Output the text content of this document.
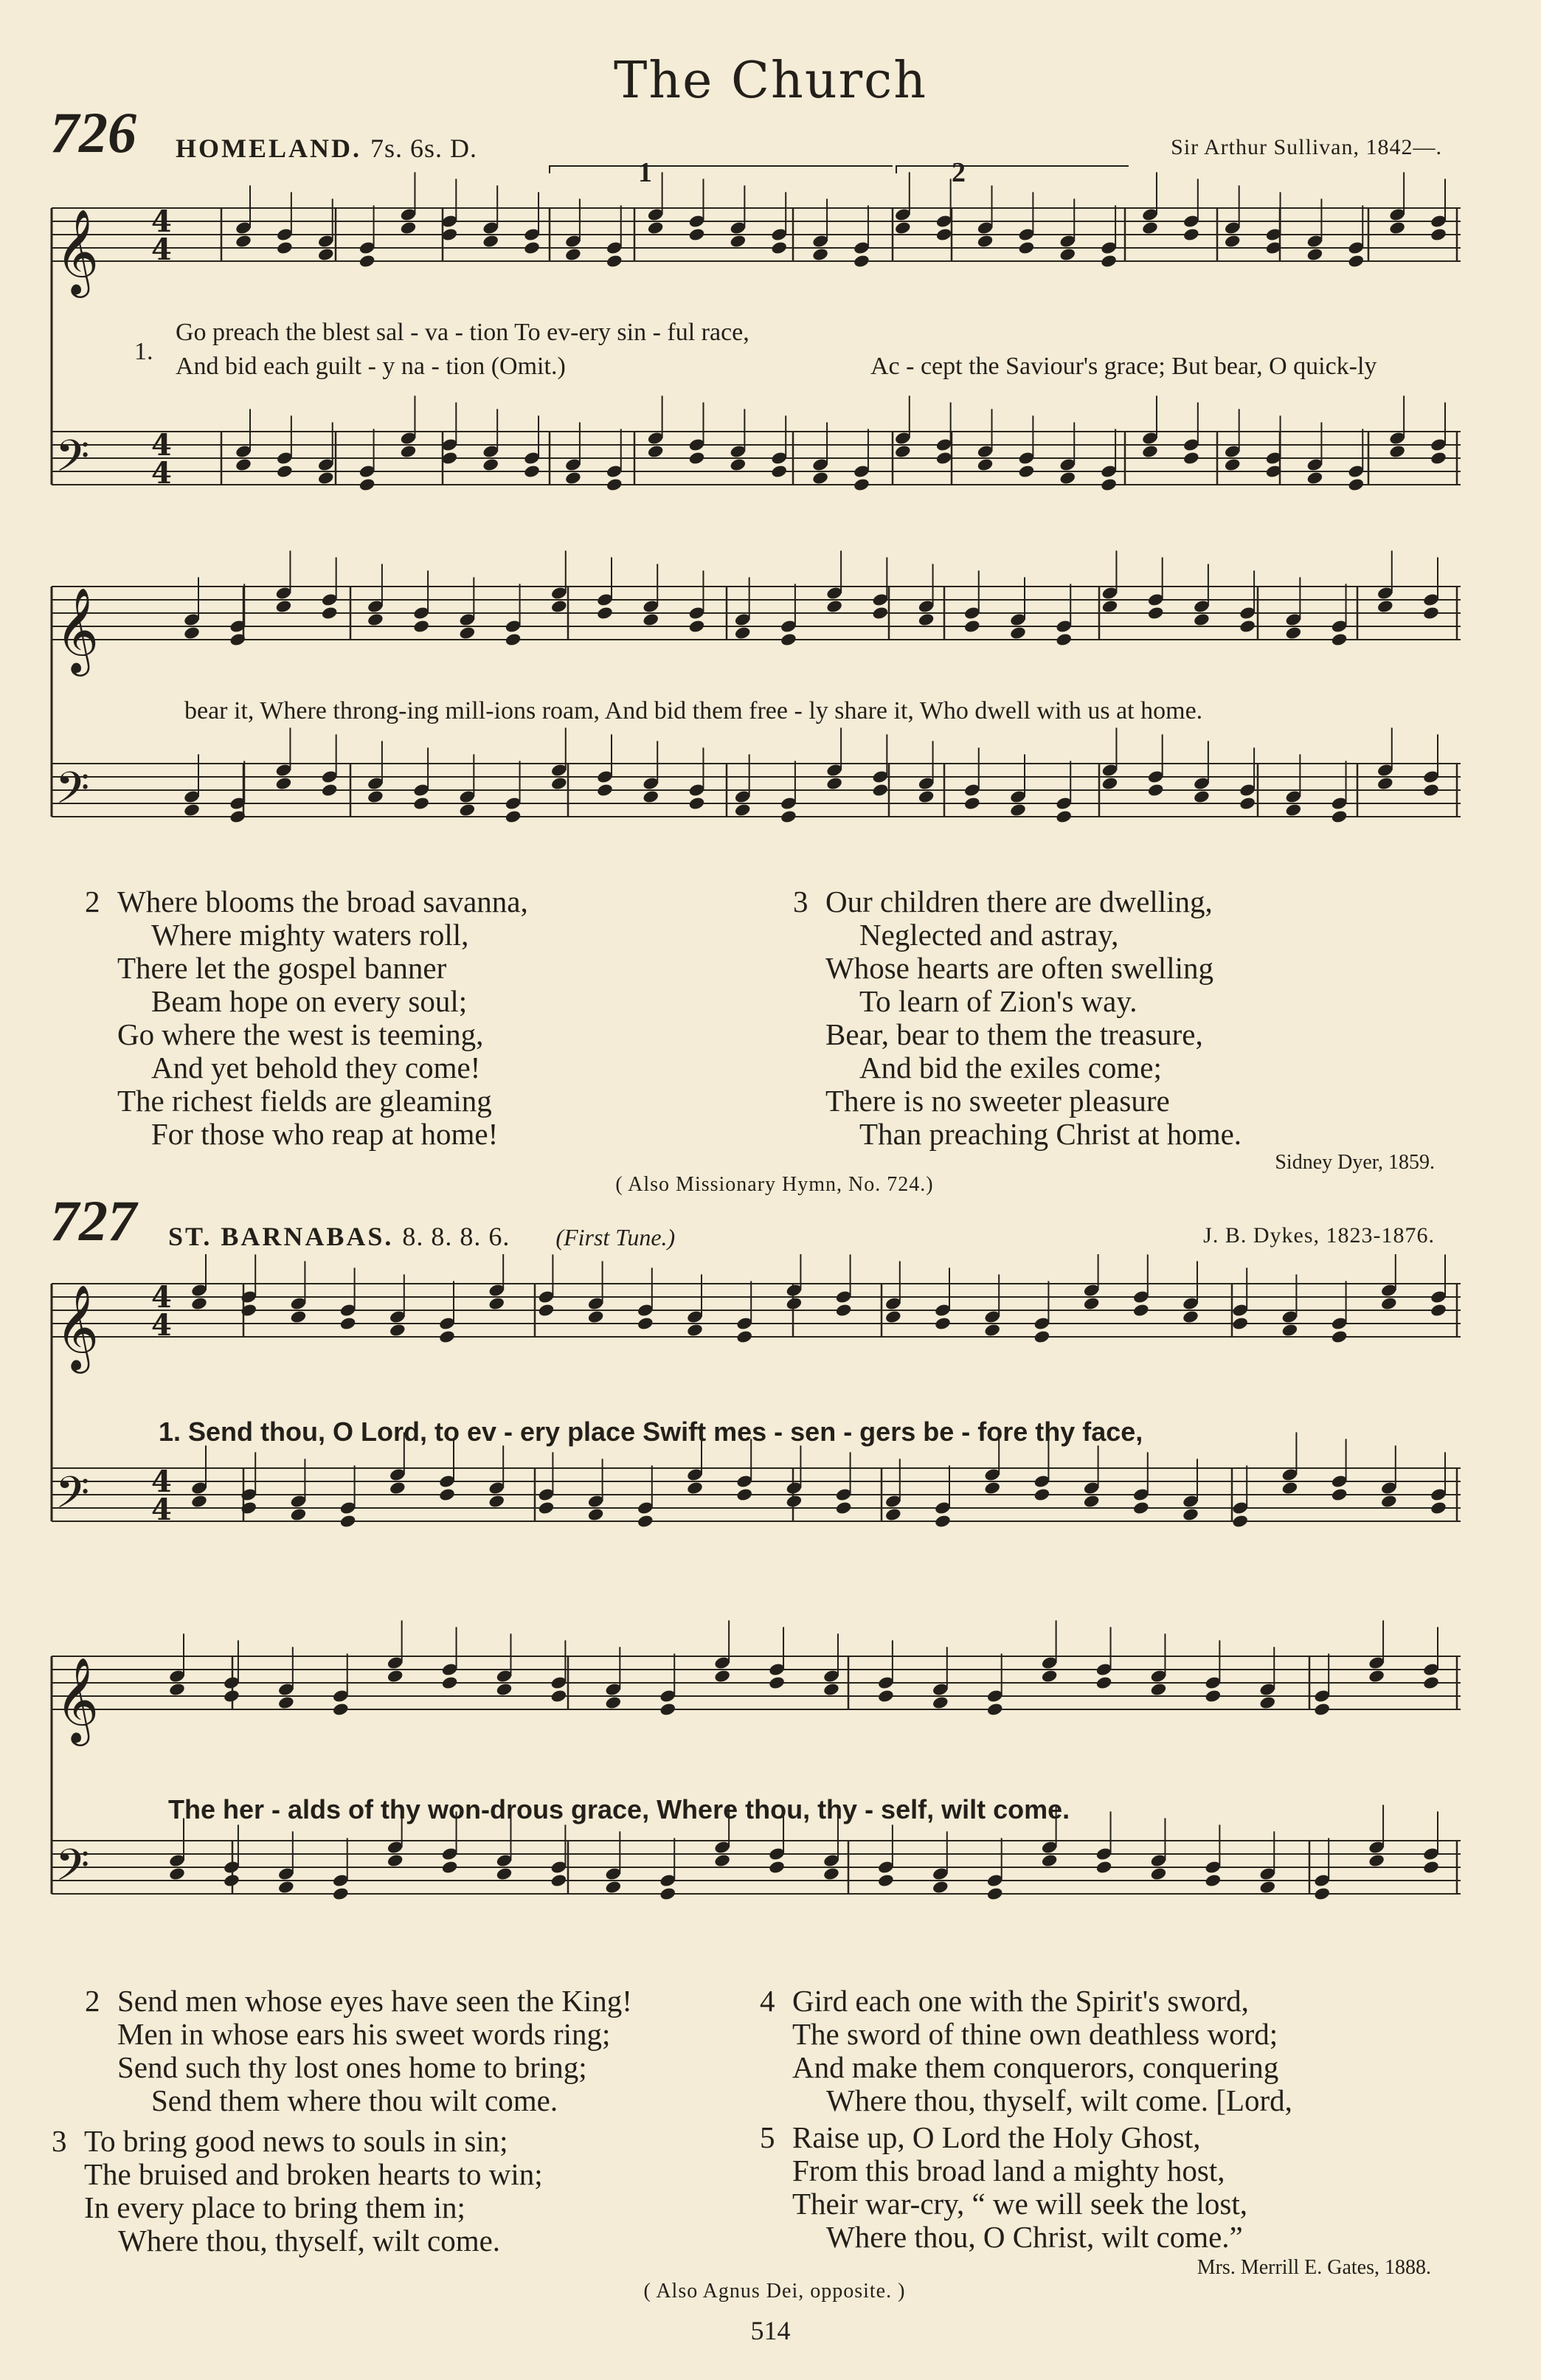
The Church
726 HOMELAND. 7s. 6s. D.	Sir Arthur Sullivan, 1842—.
𝄞
𝄢
4
4
4
4
𝄞
𝄢
1	2
1.
Go preach the blest sal - va - tion To ev-ery sin - ful race,
And bid each guilt - y na - tion (Omit.)	Ac - cept the Saviour's grace; But bear, O quick-ly
bear it, Where throng-ing mill-ions roam, And bid them free - ly share it, Who dwell with us at home.
2 Where blooms the broad savanna,
Where mighty waters roll,
There let the gospel banner
Beam hope on every soul;
Go where the west is teeming,
And yet behold they come!
The richest fields are gleaming
For those who reap at home!
3 Our children there are dwelling,
Neglected and astray,
Whose hearts are often swelling
To learn of Zion's way.
Bear, bear to them the treasure,
And bid the exiles come;
There is no sweeter pleasure
Than preaching Christ at home.
Sidney Dyer, 1859.
( Also Missionary Hymn, No. 724.)
727 ST. BARNABAS. 8. 8. 8. 6. (First Tune.)	J. B. Dykes, 1823-1876.
𝄞
𝄢
4
4
4
4
𝄞
𝄢
1. Send thou, O Lord, to ev - ery place Swift mes - sen - gers be - fore thy face,
The her - alds of thy won-drous grace, Where thou, thy - self, wilt come.
2 Send men whose eyes have seen the King!
Men in whose ears his sweet words ring;
Send such thy lost ones home to bring;
Send them where thou wilt come.
3 To bring good news to souls in sin;
The bruised and broken hearts to win;
In every place to bring them in;
Where thou, thyself, wilt come.
4 Gird each one with the Spirit's sword,
The sword of thine own deathless word;
And make them conquerors, conquering
Where thou, thyself, wilt come. [Lord,
5 Raise up, O Lord the Holy Ghost,
From this broad land a mighty host,
Their war-cry, “ we will seek the lost,
Where thou, O Christ, wilt come.”
Mrs. Merrill E. Gates, 1888.
( Also Agnus Dei, opposite. )
514
